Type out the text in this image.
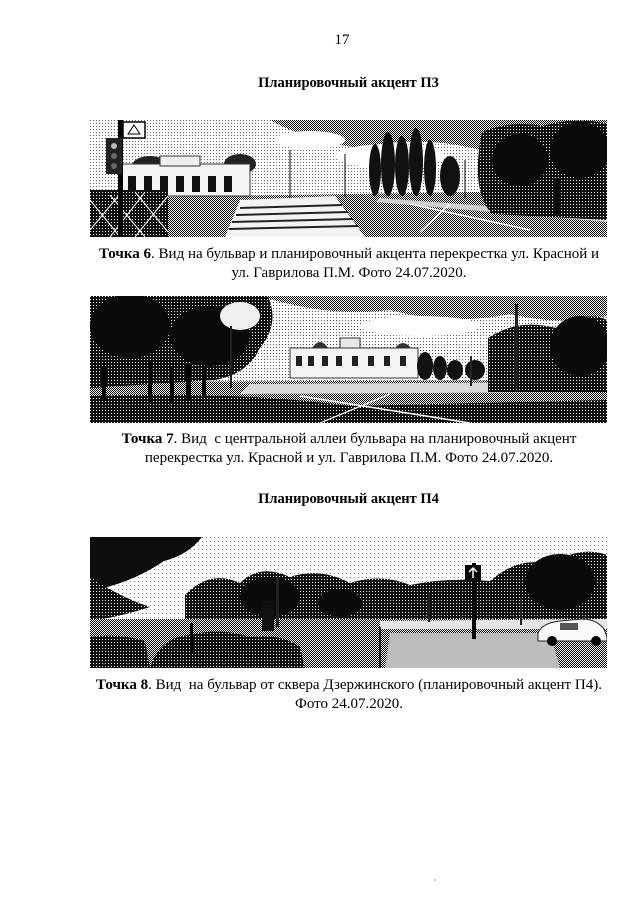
17
Планировочный акцент П3
Точка 6. Вид на бульвар и планировочный акцента перекрестка ул. Красной и
ул. Гаврилова П.М. Фото 24.07.2020.
Точка 7. Вид  с центральной аллеи бульвара на планировочный акцент
перекрестка ул. Красной и ул. Гаврилова П.М. Фото 24.07.2020.
Планировочный акцент П4
Точка 8. Вид  на бульвар от сквера Дзержинского (планировочный акцент П4).
Фото 24.07.2020.
